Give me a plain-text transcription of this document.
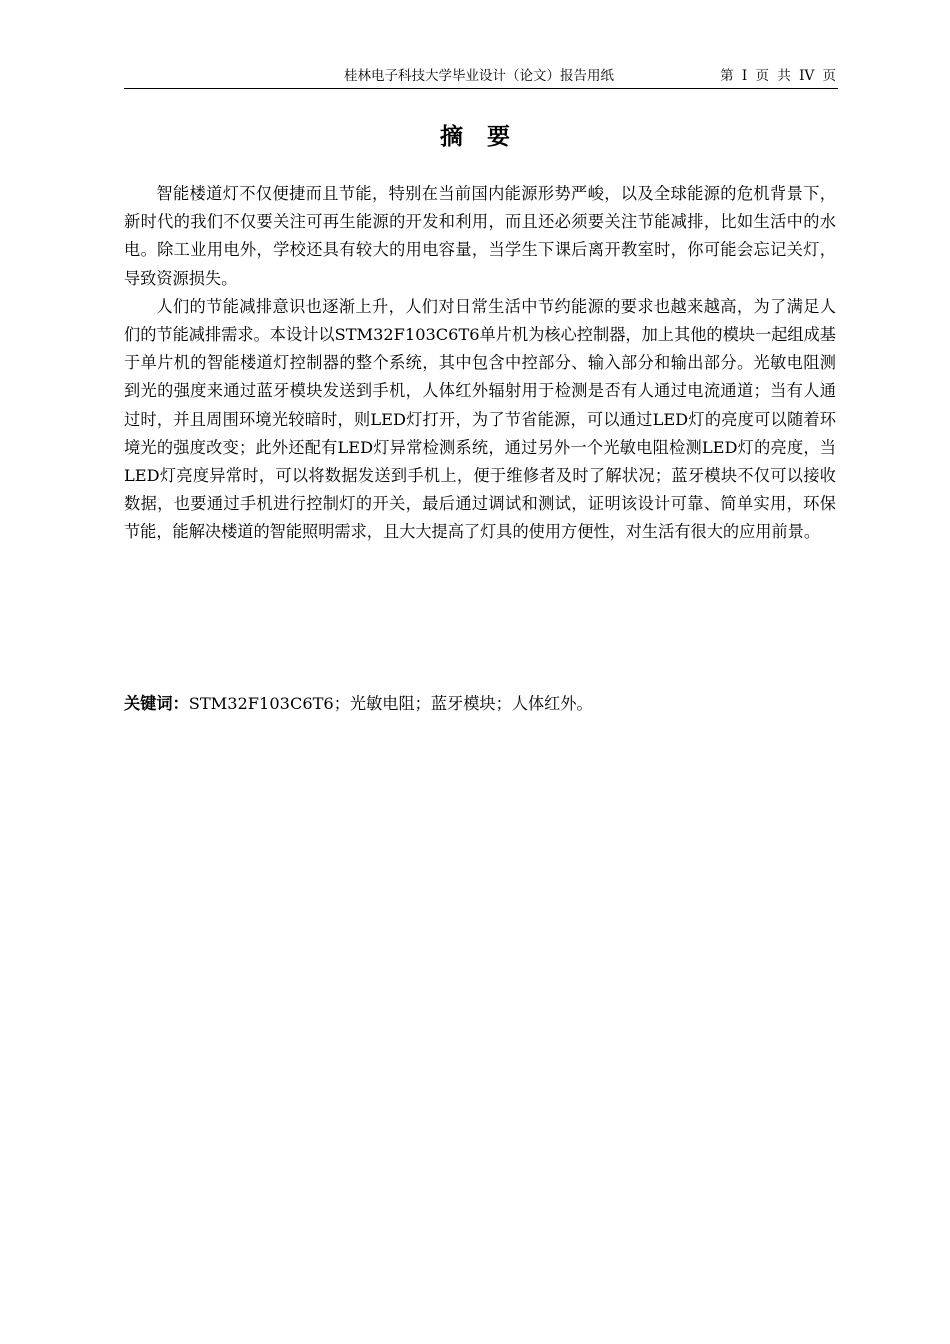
桂林电子科技大学毕业设计（论文）报告用纸	第 I 页 共 IV 页
摘要

智能楼道灯不仅便捷而且节能，特别在当前国内能源形势严峻，以及全球能源的危机背景下，新时代的我们不仅要关注可再生能源的开发和利用，而且还必须要关注节能减排，比如生活中的水电。除工业用电外，学校还具有较大的用电容量，当学生下课后离开教室时，你可能会忘记关灯，导致资源损失。

人们的节能减排意识也逐渐上升，人们对日常生活中节约能源的要求也越来越高，为了满足人们的节能减排需求。本设计以STM32F103C6T6单片机为核心控制器，加上其他的模块一起组成基于单片机的智能楼道灯控制器的整个系统，其中包含中控部分、输入部分和输出部分。光敏电阻测到光的强度来通过蓝牙模块发送到手机，人体红外辐射用于检测是否有人通过电流通道；当有人通过时，并且周围环境光较暗时，则LED灯打开，为了节省能源，可以通过LED灯的亮度可以随着环境光的强度改变；此外还配有LED灯异常检测系统，通过另外一个光敏电阻检测LED灯的亮度，当LED灯亮度异常时，可以将数据发送到手机上，便于维修者及时了解状况；蓝牙模块不仅可以接收数据，也要通过手机进行控制灯的开关，最后通过调试和测试，证明该设计可靠、简单实用，环保节能，能解决楼道的智能照明需求，且大大提高了灯具的使用方便性，对生活有很大的应用前景。

关键词：STM32F103C6T6；光敏电阻；蓝牙模块；人体红外。
